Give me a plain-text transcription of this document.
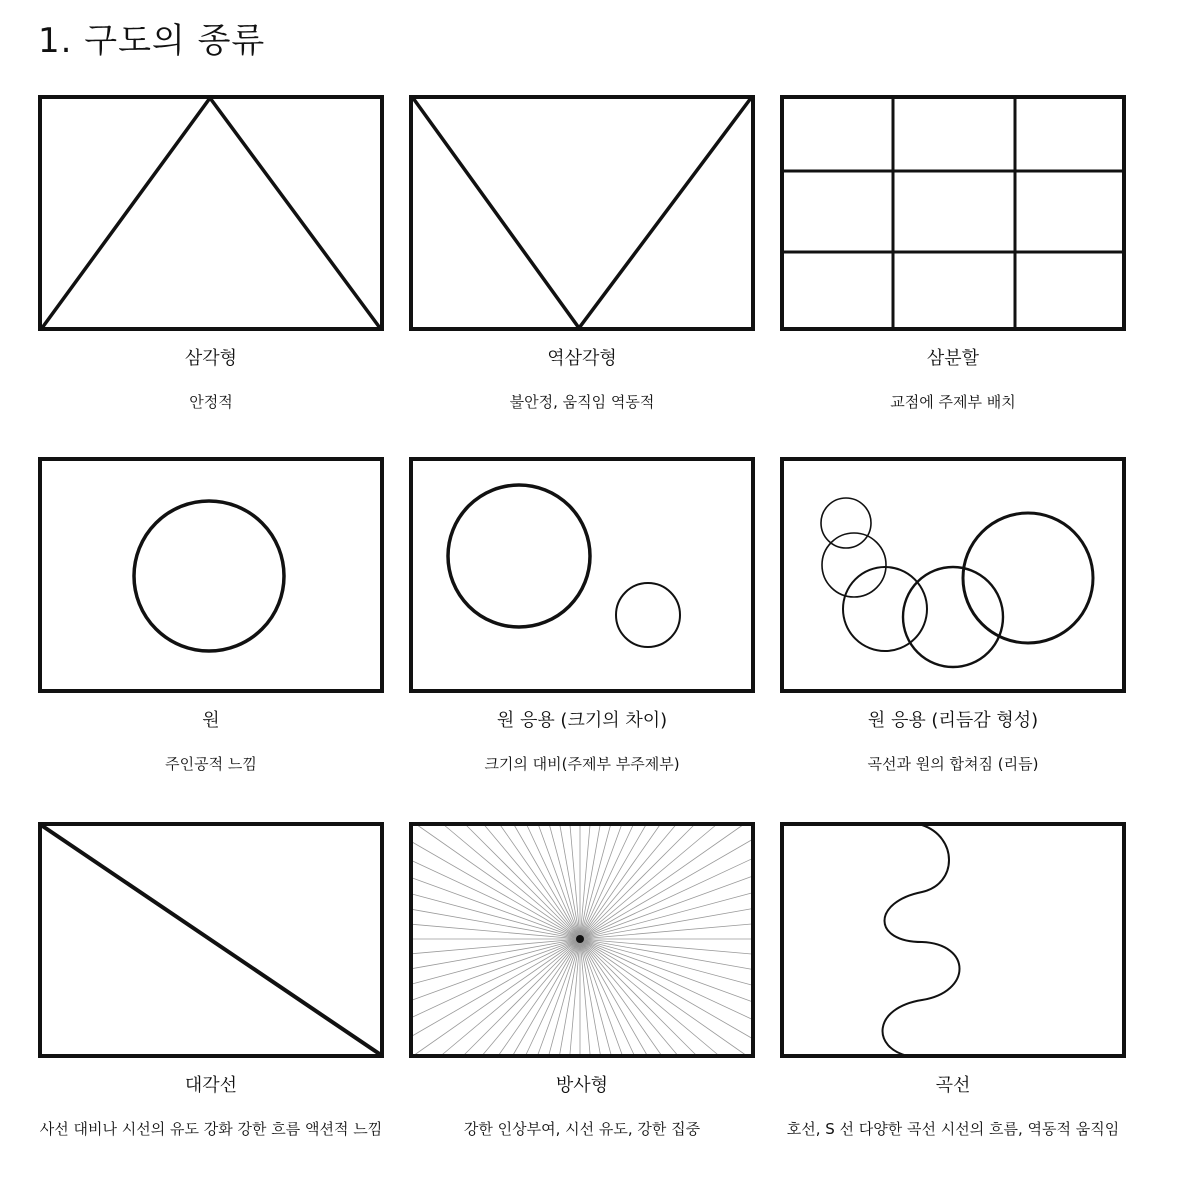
1. 구도의 종류
삼각형
안정적
역삼각형
불안정, 움직임 역동적
삼분할
교점에 주제부 배치
원
주인공적 느낌
원 응용 (크기의 차이)
크기의 대비(주제부 부주제부)
원 응용 (리듬감 형성)
곡선과 원의 합쳐짐 (리듬)
대각선
사선 대비나 시선의 유도 강화 강한 흐름 액션적 느낌
방사형
강한 인상부여, 시선 유도, 강한 집중
곡선
호선, S 선 다양한 곡선 시선의 흐름, 역동적 움직임
